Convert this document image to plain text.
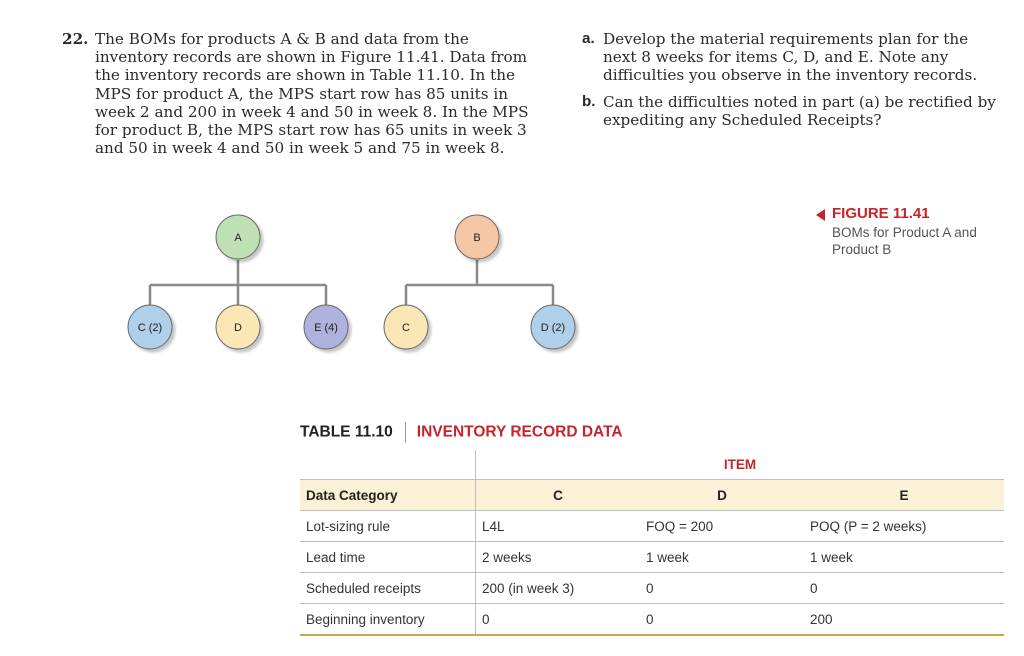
22. The BOMs for products A & B and data from the inventory records are shown in Figure 11.41. Data from the inventory records are shown in Table 11.10. In the MPS for product A, the MPS start row has 85 units in week 2 and 200 in week 4 and 50 in week 8. In the MPS for product B, the MPS start row has 65 units in week 3 and 50 in week 4 and 50 in week 5 and 75 in week 8.
a. Develop the material requirements plan for the next 8 weeks for items C, D, and E. Note any difficulties you observe in the inventory records.
b. Can the difficulties noted in part (a) be rectified by expediting any Scheduled Receipts?
FIGURE 11.41
BOMs for Product A and Product B
A	B
C (2)	D	E (4)	C	D (2)
TABLE 11.10 INVENTORY RECORD DATA
	ITEM		
Data Category	C	D	E
Lot-sizing rule	L4L	FOQ = 200	POQ (P = 2 weeks)
Lead time	2 weeks	1 week	1 week
Scheduled receipts	200 (in week 3)	0	0
Beginning inventory	0	0	200
